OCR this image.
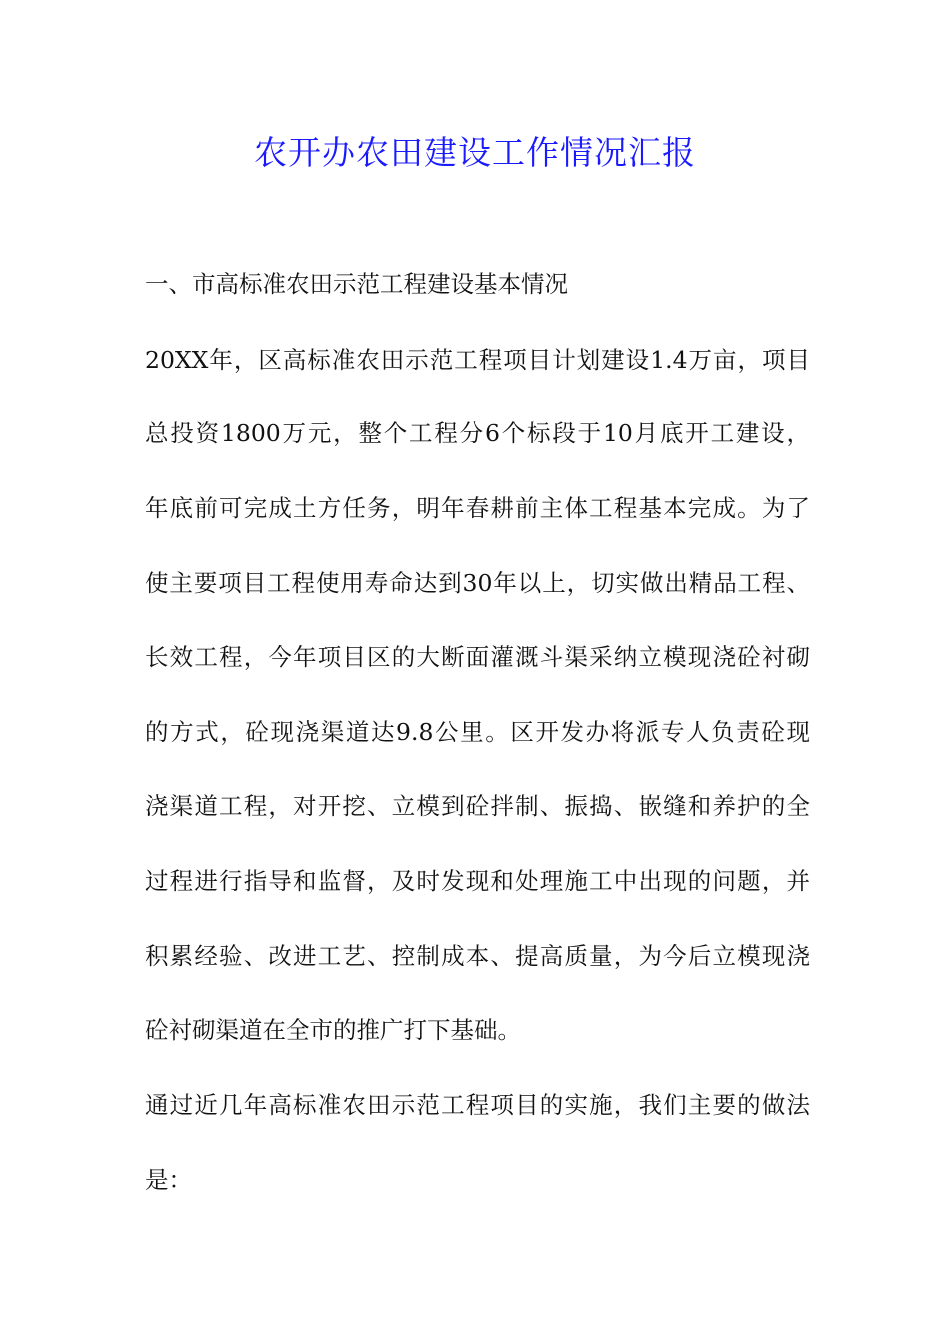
农开办农田建设工作情况汇报

一、市高标准农田示范工程建设基本情况

20XX年，区高标准农田示范工程项目计划建设1.4万亩，项目

总投资1800万元，整个工程分6个标段于10月底开工建设，

年底前可完成土方任务，明年春耕前主体工程基本完成。为了

使主要项目工程使用寿命达到30年以上，切实做出精品工程、

长效工程，今年项目区的大断面灌溉斗渠采纳立模现浇砼衬砌

的方式，砼现浇渠道达9.8公里。区开发办将派专人负责砼现

浇渠道工程，对开挖、立模到砼拌制、振捣、嵌缝和养护的全

过程进行指导和监督，及时发现和处理施工中出现的问题，并

积累经验、改进工艺、控制成本、提高质量，为今后立模现浇

砼衬砌渠道在全市的推广打下基础。

通过近几年高标准农田示范工程项目的实施，我们主要的做法

是：
